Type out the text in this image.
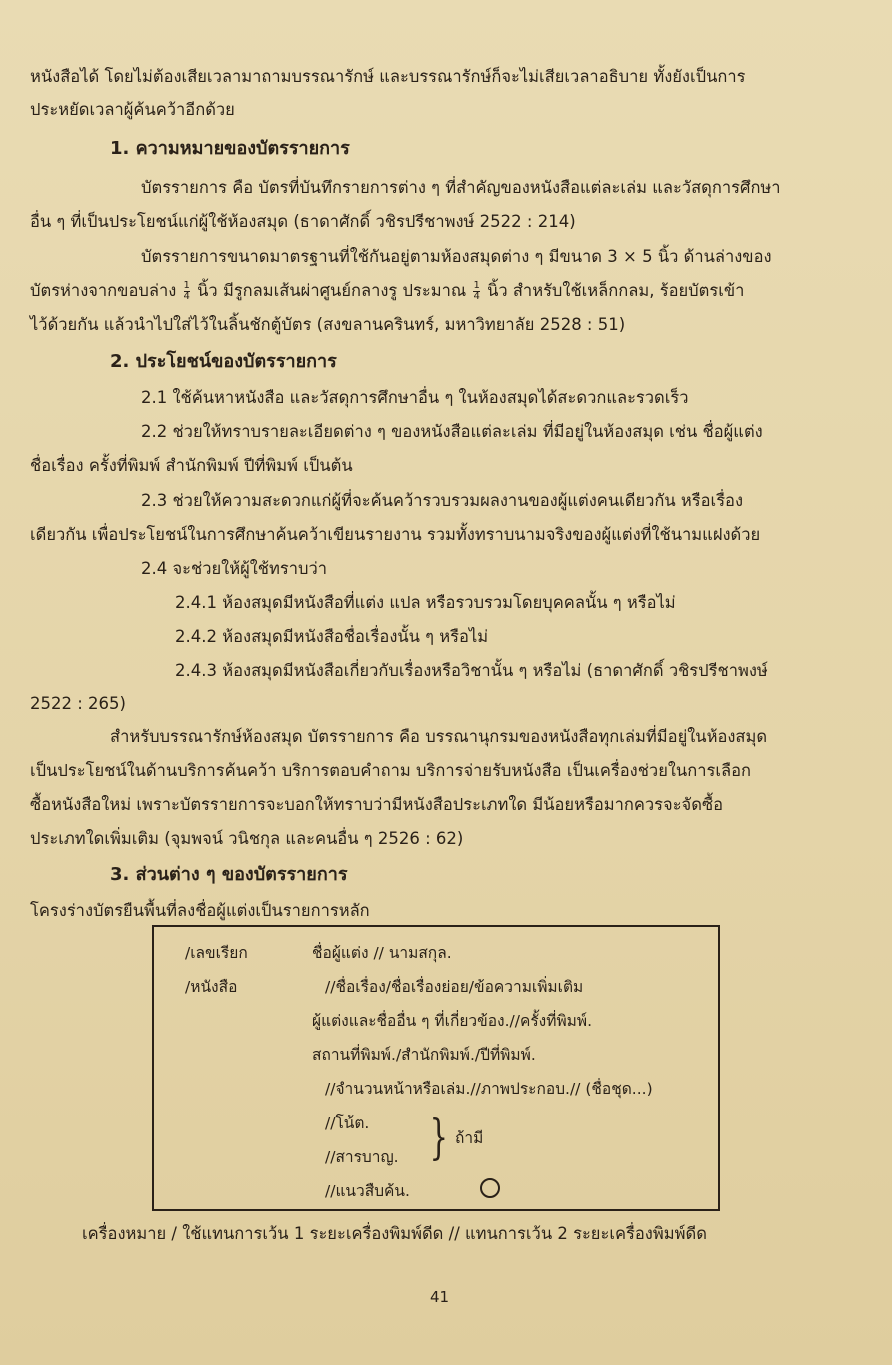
หนังสือได้ โดยไม่ต้องเสียเวลามาถามบรรณารักษ์ และบรรณารักษ์ก็จะไม่เสียเวลาอธิบาย ทั้งยังเป็นการ
ประหยัดเวลาผู้ค้นคว้าอีกด้วย
1. ความหมายของบัตรรายการ
บัตรรายการ คือ บัตรที่บันทึกรายการต่าง ๆ ที่สำคัญของหนังสือแต่ละเล่ม และวัสดุการศึกษา
อื่น ๆ ที่เป็นประโยชน์แก่ผู้ใช้ห้องสมุด (ธาดาศักดิ์ วชิรปรีชาพงษ์ 2522 : 214)
บัตรรายการขนาดมาตรฐานที่ใช้กันอยู่ตามห้องสมุดต่าง ๆ มีขนาด 3 × 5 นิ้ว ด้านล่างของ
บัตรห่างจากขอบล่าง $\frac{1}{4}$ นิ้ว มีรูกลมเส้นผ่าศูนย์กลางรู ประมาณ $\frac{1}{4}$ นิ้ว สำหรับใช้เหล็กกลม, ร้อยบัตรเข้า
ไว้ด้วยกัน แล้วนำไปใส่ไว้ในลิ้นชักตู้บัตร (สงขลานครินทร์, มหาวิทยาลัย 2528 : 51)
2. ประโยชน์ของบัตรรายการ
2.1 ใช้ค้นหาหนังสือ และวัสดุการศึกษาอื่น ๆ ในห้องสมุดได้สะดวกและรวดเร็ว
2.2 ช่วยให้ทราบรายละเอียดต่าง ๆ ของหนังสือแต่ละเล่ม ที่มีอยู่ในห้องสมุด เช่น ชื่อผู้แต่ง
ชื่อเรื่อง ครั้งที่พิมพ์ สำนักพิมพ์ ปีที่พิมพ์ เป็นต้น
2.3 ช่วยให้ความสะดวกแก่ผู้ที่จะค้นคว้ารวบรวมผลงานของผู้แต่งคนเดียวกัน หรือเรื่อง
เดียวกัน เพื่อประโยชน์ในการศึกษาค้นคว้าเขียนรายงาน รวมทั้งทราบนามจริงของผู้แต่งที่ใช้นามแฝงด้วย
2.4 จะช่วยให้ผู้ใช้ทราบว่า
2.4.1 ห้องสมุดมีหนังสือที่แต่ง แปล หรือรวบรวมโดยบุคคลนั้น ๆ หรือไม่
2.4.2 ห้องสมุดมีหนังสือชื่อเรื่องนั้น ๆ หรือไม่
2.4.3 ห้องสมุดมีหนังสือเกี่ยวกับเรื่องหรือวิชานั้น ๆ หรือไม่ (ธาดาศักดิ์ วชิรปรีชาพงษ์
2522 : 265)
สำหรับบรรณารักษ์ห้องสมุด บัตรรายการ คือ บรรณานุกรมของหนังสือทุกเล่มที่มีอยู่ในห้องสมุด
เป็นประโยชน์ในด้านบริการค้นคว้า บริการตอบคำถาม บริการจ่ายรับหนังสือ เป็นเครื่องช่วยในการเลือก
ซื้อหนังสือใหม่ เพราะบัตรรายการจะบอกให้ทราบว่ามีหนังสือประเภทใด มีน้อยหรือมากควรจะจัดซื้อ
ประเภทใดเพิ่มเติม (จุมพจน์ วนิชกุล และคนอื่น ๆ 2526 : 62)
3. ส่วนต่าง ๆ ของบัตรรายการ
โครงร่างบัตรยืนพื้นที่ลงชื่อผู้แต่งเป็นรายการหลัก
/เลขเรียก
/หนังสือ
ชื่อผู้แต่ง // นามสกุล.
//ชื่อเรื่อง/ชื่อเรื่องย่อย/ข้อความเพิ่มเติม
ผู้แต่งและชื่ออื่น ๆ ที่เกี่ยวข้อง.//ครั้งที่พิมพ์.
สถานที่พิมพ์./สำนักพิมพ์./ปีที่พิมพ์.
//จำนวนหน้าหรือเล่ม.//ภาพประกอบ.// (ชื่อชุด...)
//โน้ต.
//สารบาญ. } ถ้ามี
//แนวสืบค้น.
เครื่องหมาย / ใช้แทนการเว้น 1 ระยะเครื่องพิมพ์ดีด // แทนการเว้น 2 ระยะเครื่องพิมพ์ดีด
41
